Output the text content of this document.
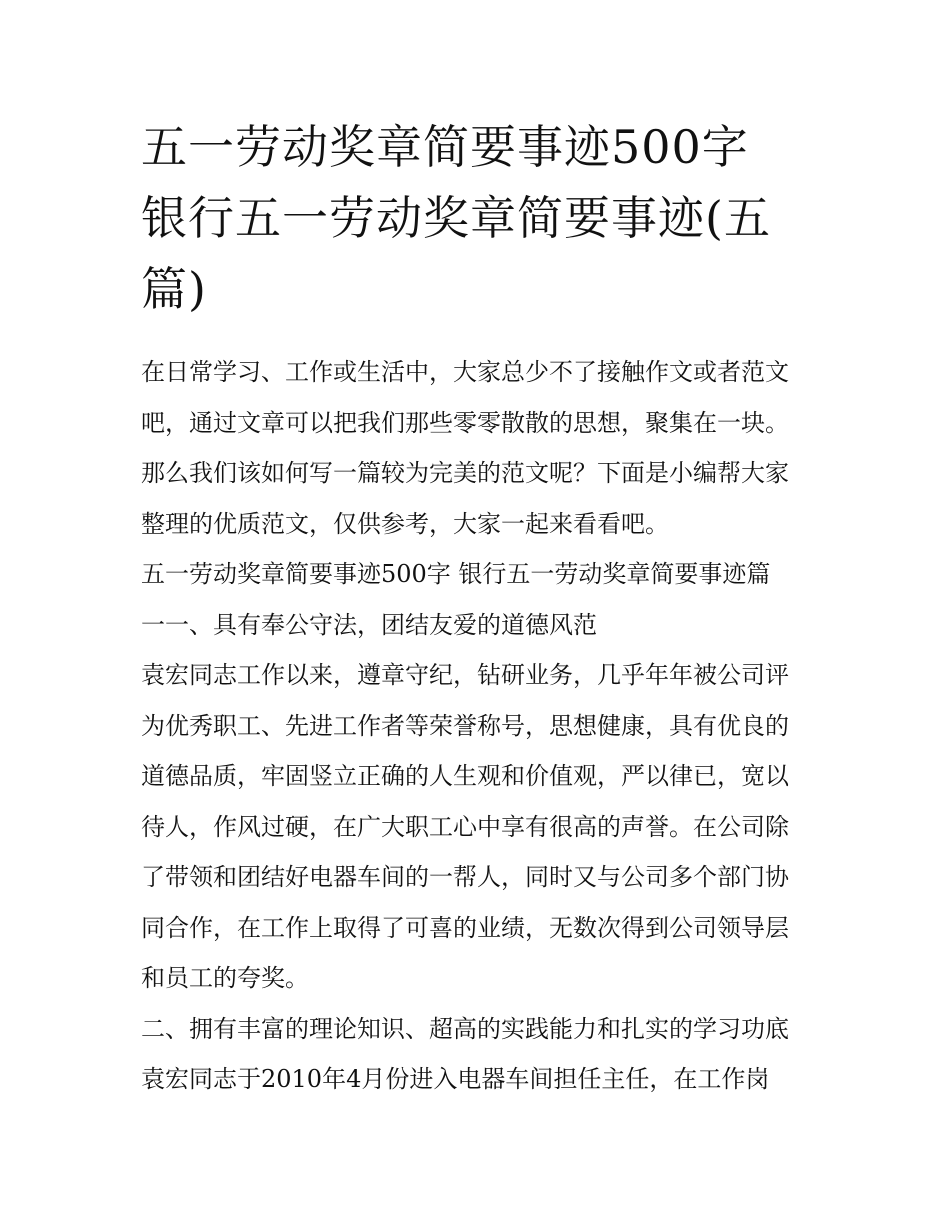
五一劳动奖章简要事迹500字
银行五一劳动奖章简要事迹(五
篇)

在日常学习、工作或生活中，大家总少不了接触作文或者范文

吧，通过文章可以把我们那些零零散散的思想，聚集在一块。

那么我们该如何写一篇较为完美的范文呢？下面是小编帮大家

整理的优质范文，仅供参考，大家一起来看看吧。

五一劳动奖章简要事迹500字 银行五一劳动奖章简要事迹篇

一一、具有奉公守法，团结友爱的道德风范

袁宏同志工作以来，遵章守纪，钻研业务，几乎年年被公司评

为优秀职工、先进工作者等荣誉称号，思想健康，具有优良的

道德品质，牢固竖立正确的人生观和价值观，严以律已，宽以

待人，作风过硬，在广大职工心中享有很高的声誉。在公司除

了带领和团结好电器车间的一帮人，同时又与公司多个部门协

同合作，在工作上取得了可喜的业绩，无数次得到公司领导层

和员工的夸奖。

二、拥有丰富的理论知识、超高的实践能力和扎实的学习功底

袁宏同志于2010年4月份进入电器车间担任主任，在工作岗
